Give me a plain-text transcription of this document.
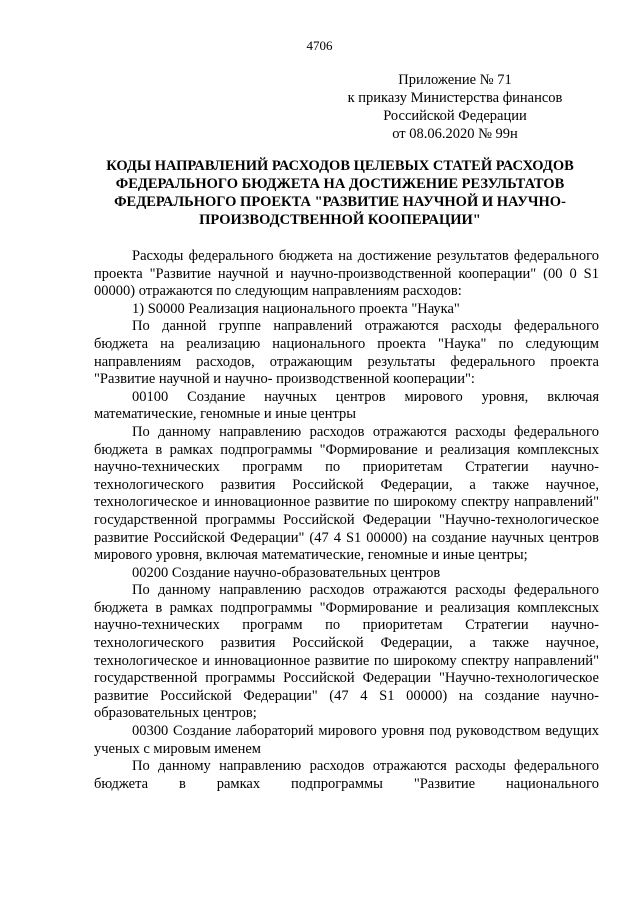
4706
Приложение № 71
к приказу Министерства финансов
Российской Федерации
от 08.06.2020 № 99н
КОДЫ НАПРАВЛЕНИЙ РАСХОДОВ ЦЕЛЕВЫХ СТАТЕЙ РАСХОДОВ
ФЕДЕРАЛЬНОГО БЮДЖЕТА НА ДОСТИЖЕНИЕ РЕЗУЛЬТАТОВ
ФЕДЕРАЛЬНОГО ПРОЕКТА "РАЗВИТИЕ НАУЧНОЙ И НАУЧНО-
ПРОИЗВОДСТВЕННОЙ КООПЕРАЦИИ"

Расходы федерального бюджета на достижение результатов федерального проекта "Развитие научной и научно-производственной кооперации" (00 0 S1 00000) отражаются по следующим направлениям расходов:

1) S0000 Реализация национального проекта "Наука"

По данной группе направлений отражаются расходы федерального бюджета на реализацию национального проекта "Наука" по следующим направлениям расходов, отражающим результаты федерального проекта "Развитие научной и научно- производственной кооперации":

00100 Создание научных центров мирового уровня, включая математические, геномные и иные центры

По данному направлению расходов отражаются расходы федерального бюджета в рамках подпрограммы "Формирование и реализация комплексных научно-технических программ по приоритетам Стратегии научно-технологического развития Российской Федерации, а также научное, технологическое и инновационное развитие по широкому спектру направлений" государственной программы Российской Федерации "Научно-технологическое развитие Российской Федерации" (47 4 S1 00000) на создание научных центров мирового уровня, включая математические, геномные и иные центры;

00200 Создание научно-образовательных центров

По данному направлению расходов отражаются расходы федерального бюджета в рамках подпрограммы "Формирование и реализация комплексных научно-технических программ по приоритетам Стратегии научно-технологического развития Российской Федерации, а также научное, технологическое и инновационное развитие по широкому спектру направлений" государственной программы Российской Федерации "Научно-технологическое развитие Российской Федерации" (47 4 S1 00000) на создание научно-образовательных центров;

00300 Создание лабораторий мирового уровня под руководством ведущих ученых с мировым именем

По данному направлению расходов отражаются расходы федерального бюджета в рамках подпрограммы "Развитие национального
